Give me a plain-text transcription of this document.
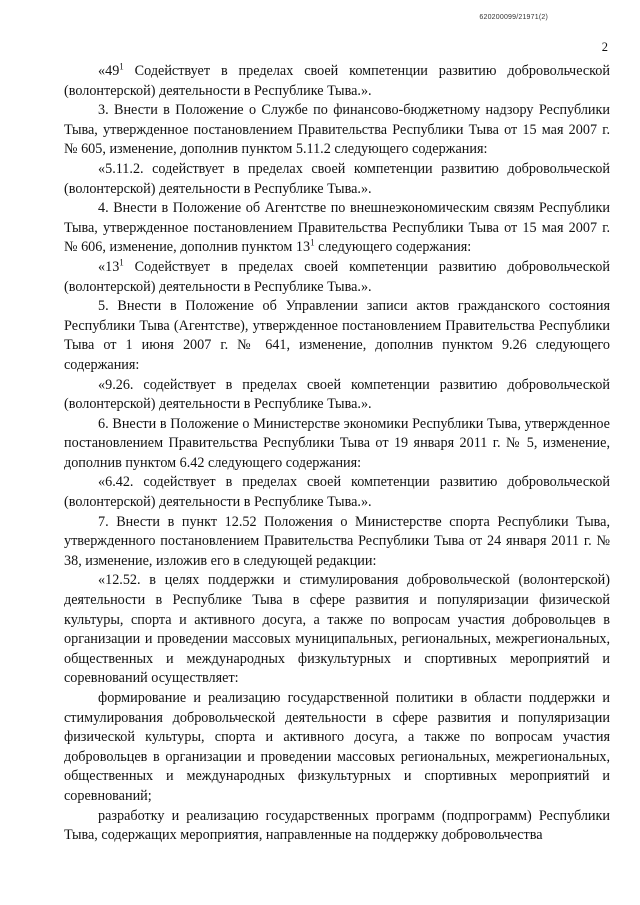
620200099/21971(2)
2

«$49^1$ Содействует в пределах своей компетенции развитию добровольческой (волонтерской) деятельности в Республике Тыва.».

3. Внести в Положение о Службе по финансово-бюджетному надзору Республики Тыва, утвержденное постановлением Правительства Республики Тыва от 15 мая 2007 г. № 605, изменение, дополнив пунктом 5.11.2 следующего содержания:

«5.11.2. содействует в пределах своей компетенции развитию добровольческой (волонтерской) деятельности в Республике Тыва.».

4. Внести в Положение об Агентстве по внешнеэкономическим связям Республики Тыва, утвержденное постановлением Правительства Республики Тыва от 15 мая 2007 г. № 606, изменение, дополнив пунктом $13^1$ следующего содержания:

«$13^1$ Содействует в пределах своей компетенции развитию добровольческой (волонтерской) деятельности в Республике Тыва.».

5. Внести в Положение об Управлении записи актов гражданского состояния Республики Тыва (Агентстве), утвержденное постановлением Правительства Республики Тыва от 1 июня 2007 г. № 641, изменение, дополнив пунктом 9.26 следующего содержания:

«9.26. содействует в пределах своей компетенции развитию добровольческой (волонтерской) деятельности в Республике Тыва.».

6. Внести в Положение о Министерстве экономики Республики Тыва, утвержденное постановлением Правительства Республики Тыва от 19 января 2011 г. № 5, изменение, дополнив пунктом 6.42 следующего содержания:

«6.42. содействует в пределах своей компетенции развитию добровольческой (волонтерской) деятельности в Республике Тыва.».

7. Внести в пункт 12.52 Положения о Министерстве спорта Республики Тыва, утвержденного постановлением Правительства Республики Тыва от 24 января 2011 г. № 38, изменение, изложив его в следующей редакции:

«12.52. в целях поддержки и стимулирования добровольческой (волонтерской) деятельности в Республике Тыва в сфере развития и популяризации физической культуры, спорта и активного досуга, а также по вопросам участия добровольцев в организации и проведении массовых муниципальных, региональных, межрегиональных, общественных и международных физкультурных и спортивных мероприятий и соревнований осуществляет:

формирование и реализацию государственной политики в области поддержки и стимулирования добровольческой деятельности в сфере развития и популяризации физической культуры, спорта и активного досуга, а также по вопросам участия добровольцев в организации и проведении массовых региональных, межрегиональных, общественных и международных физкультурных и спортивных мероприятий и соревнований;

разработку и реализацию государственных программ (подпрограмм) Республики Тыва, содержащих мероприятия, направленные на поддержку добровольчества
